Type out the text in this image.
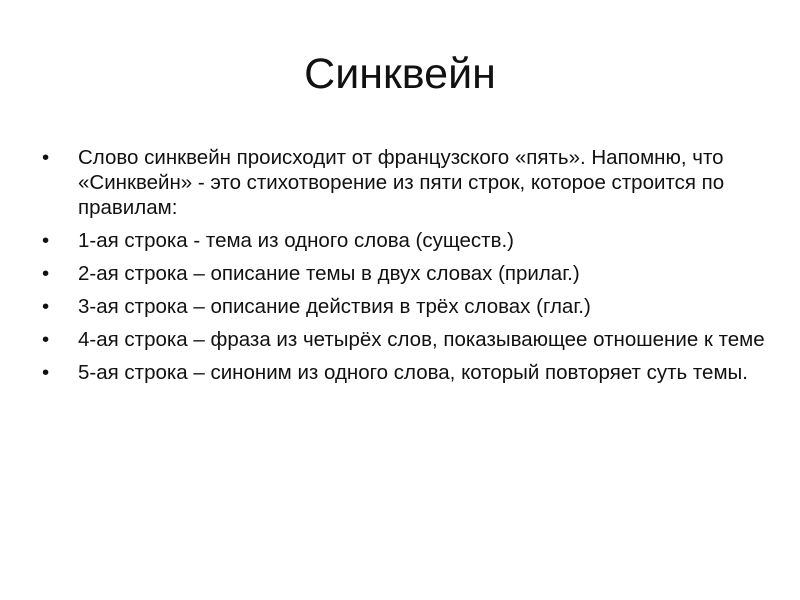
Синквейн
•	Слово синквейн происходит от французского «пять». Напомню, что «Синквейн» - это стихотворение из пяти строк, которое строится по правилам:
•	1-ая строка - тема из одного слова (существ.)
•	2-ая строка – описание темы в двух словах (прилаг.)
•	3-ая строка – описание действия в трёх словах (глаг.)
•	4-ая строка – фраза из четырёх слов, показывающее отношение к теме
•	5-ая строка – синоним из одного слова, который повторяет суть темы.
